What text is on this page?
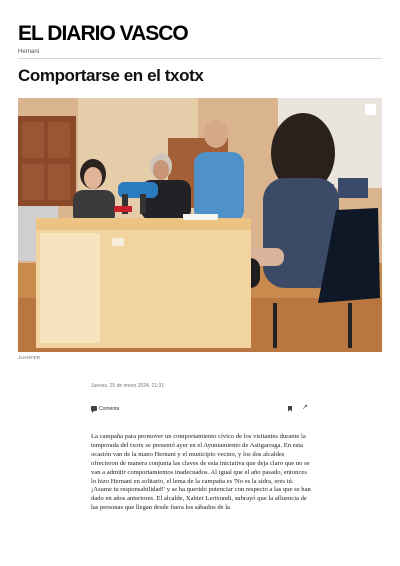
EL DIARIO VASCO
Hernani
Comportarse en el txotx
JUANFER
Jueves, 25 de enero 2024, 21:31
Comenta	↗

La campaña para promover un comportamiento cívico de los visitantes durante la temporada del txotx se presentó ayer en el Ayuntamiento de Astigarraga. En esta ocasión van de la mano Hernani y el municipio vecino, y los dos alcaldes ofrecieron de manera conjunta las claves de esta iniciativa que deja claro que no se van a admitir comportamientos inadecuados. Al igual que el año pasado, entonces lo hizo Hernani en solitario, el lema de la campaña es 'No es la sidra, eres tú. ¡Asume tu responsabilidad!' y se ha querido potenciar con respecto a las que se han dado en años anteriores. El alcalde, Xabier Lertxundi, subrayó que la afluencia de las personas que llegan desde fuera los sábados de la
